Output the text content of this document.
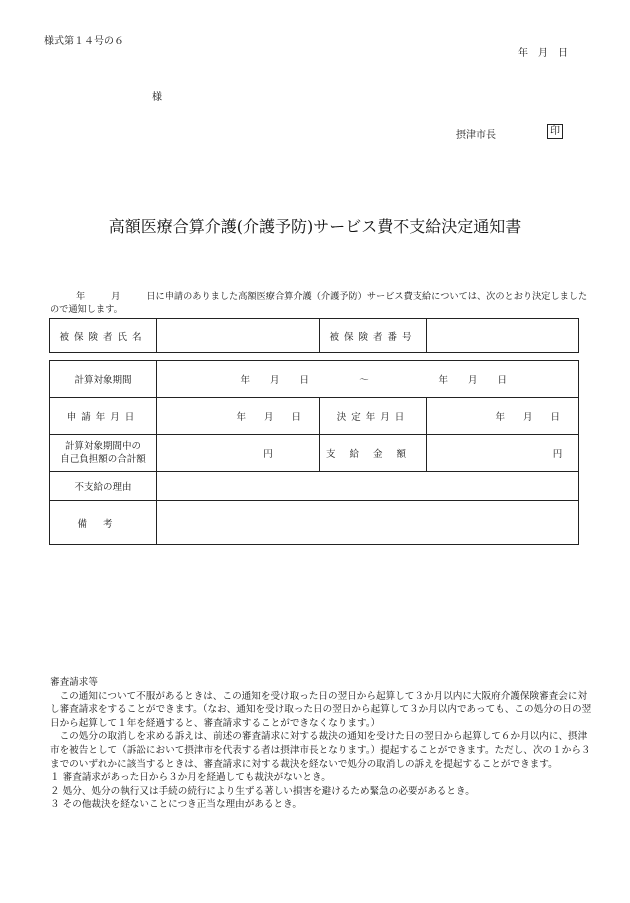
様式第１４号の６
年月日
様
摂津市長	印
高額医療合算介護(介護予防)サービス費不支給決定通知書
年	月	日に申請のありました高額医療合算介護（介護予防）サービス費支給については、次のとおり決定しましたので通知します。
被保険者氏名		被保険者番号	
計算対象期間	年月日 ～ 年月日		

申請年月日	年月日	決定年月日	年月日
計算対象期間中の
自己負担額の合計額	円	支給金額	円
不支給の理由			
備考			

審査請求等

この通知について不服があるときは、この通知を受け取った日の翌日から起算して３か月以内に大阪府介護保険審査会に対し審査請求をすることができます。（なお、通知を受け取った日の翌日から起算して３か月以内であっても、この処分の日の翌日から起算して１年を経過すると、審査請求することができなくなります。）

この処分の取消しを求める訴えは、前述の審査請求に対する裁決の通知を受けた日の翌日から起算して６か月以内に、摂津市を被告として（訴訟において摂津市を代表する者は摂津市長となります。）提起することができます。ただし、次の１から３までのいずれかに該当するときは、審査請求に対する裁決を経ないで処分の取消しの訴えを提起することができます。

１ 審査請求があった日から３か月を経過しても裁決がないとき。

２ 処分、処分の執行又は手続の続行により生ずる著しい損害を避けるため緊急の必要があるとき。

３ その他裁決を経ないことにつき正当な理由があるとき。
